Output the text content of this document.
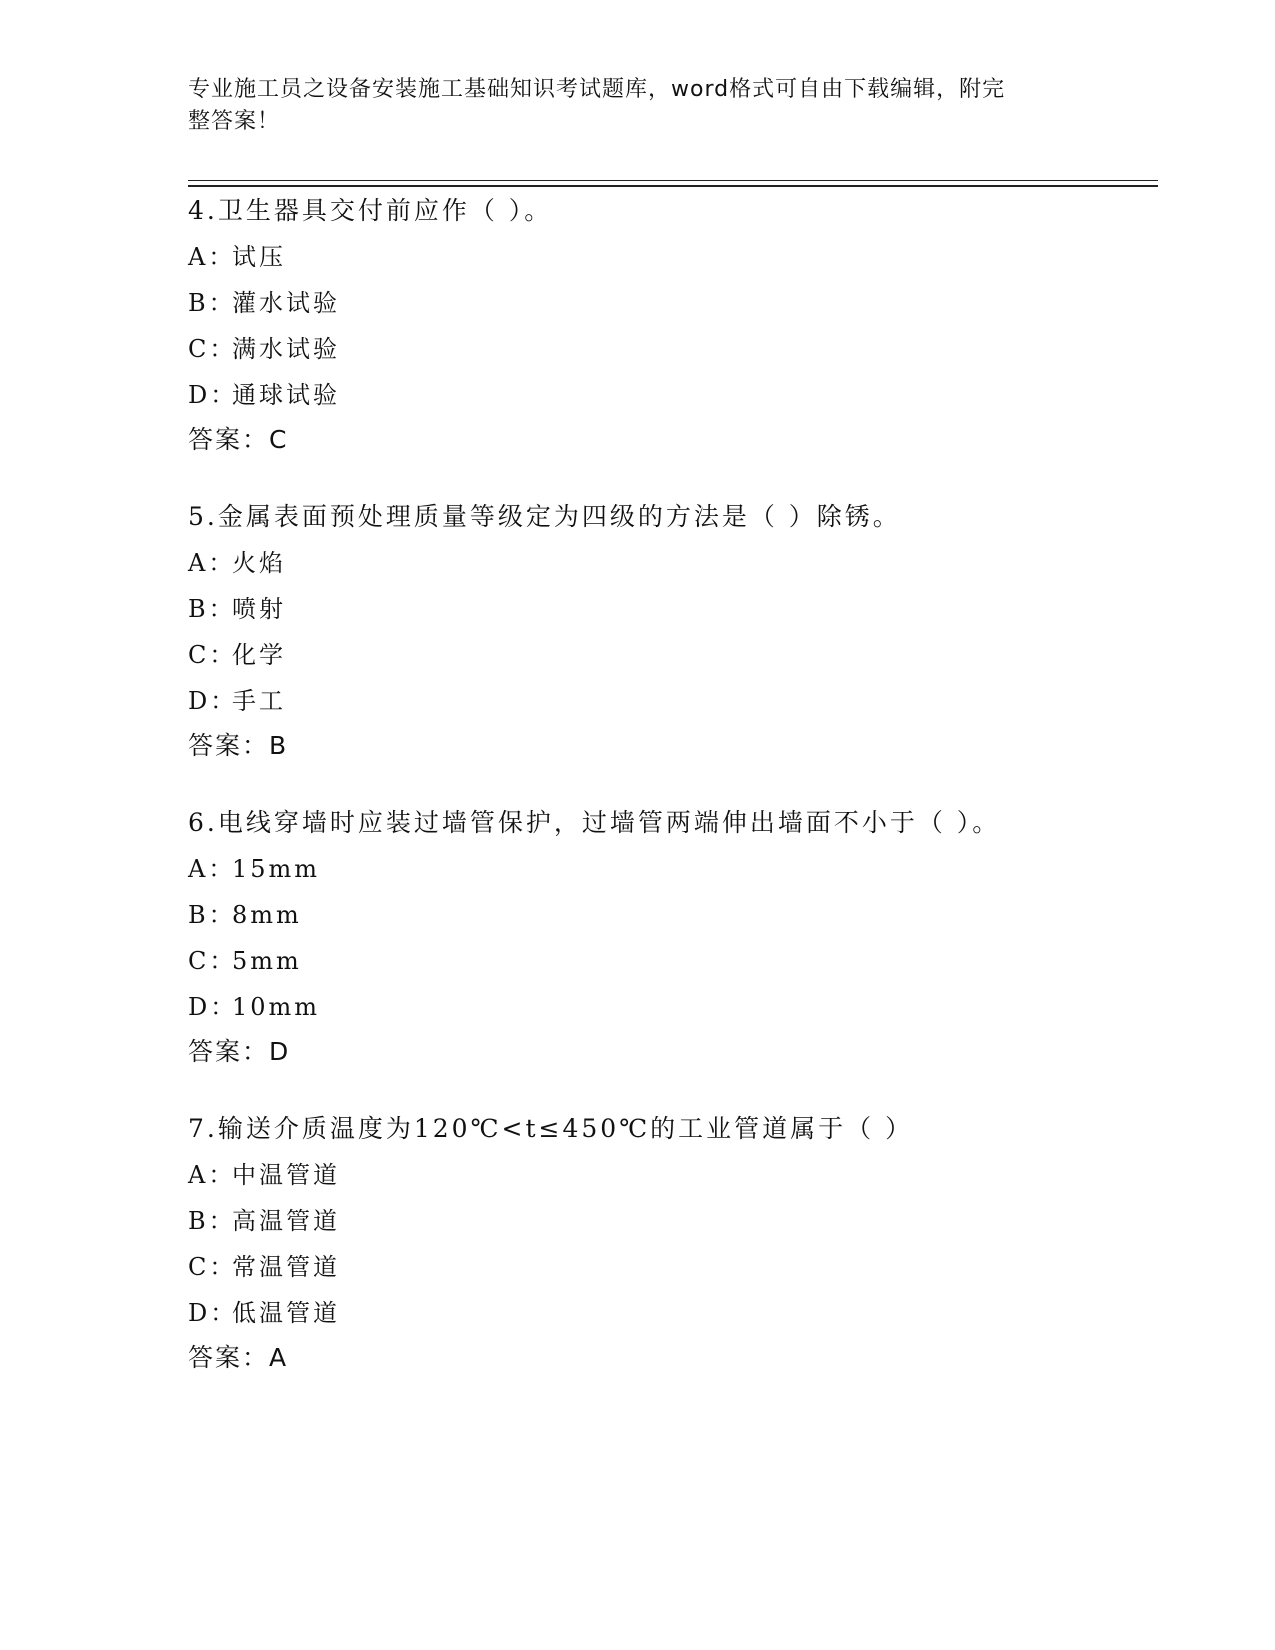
专业施工员之设备安装施工基础知识考试题库，word格式可自由下载编辑，附完
整答案！
4.卫生器具交付前应作（ ）。
A：
试压
B：
灌水试验
C：
满水试验
D：
通球试验
答案：C
5.金属表面预处理质量等级定为四级的方法是（ ）除锈。
A：
火焰
B：
喷射
C：
化学
D：
手工
答案：B
6.电线穿墙时应装过墙管保护，过墙管两端伸出墙面不小于（ ）。
A：
15mm
B：
8mm
C：
5mm
D：
10mm
答案：D
7.输送介质温度为120℃<t≤450℃的工业管道属于（ ）
A：
中温管道
B：
高温管道
C：
常温管道
D：
低温管道
答案：A
